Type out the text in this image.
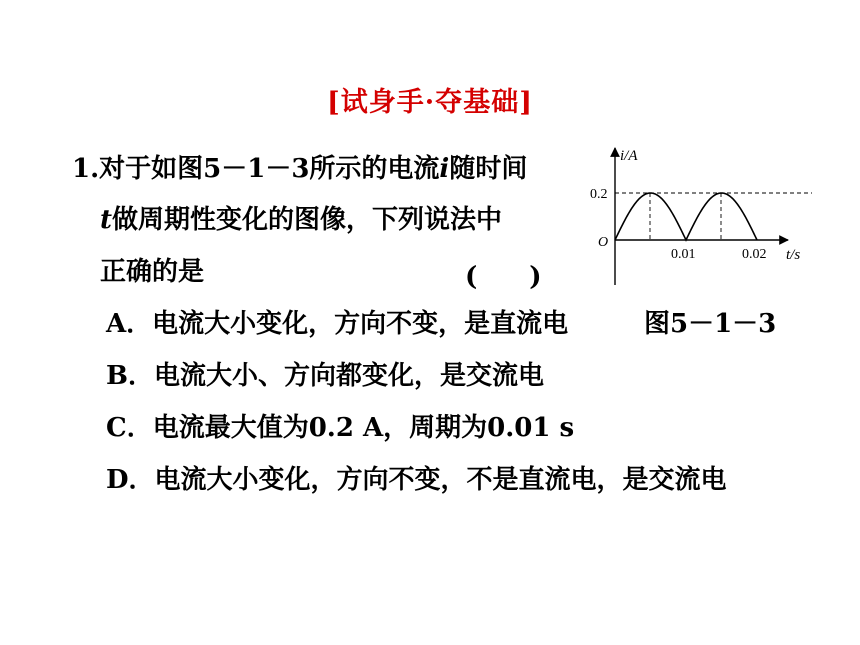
[试身手·夺基础]
1.对于如图5－1－3所示的电流i随时间
t做周期性变化的图像，下列说法中
正确的是	(　　)
A．电流大小变化，方向不变，是直流电	图5－1－3
B．电流大小、方向都变化，是交流电
C．电流最大值为0.2 A，周期为0.01 s
D．电流大小变化，方向不变，不是直流电，是交流电
i/A
t/s
O
0.2
0.01	0.02
